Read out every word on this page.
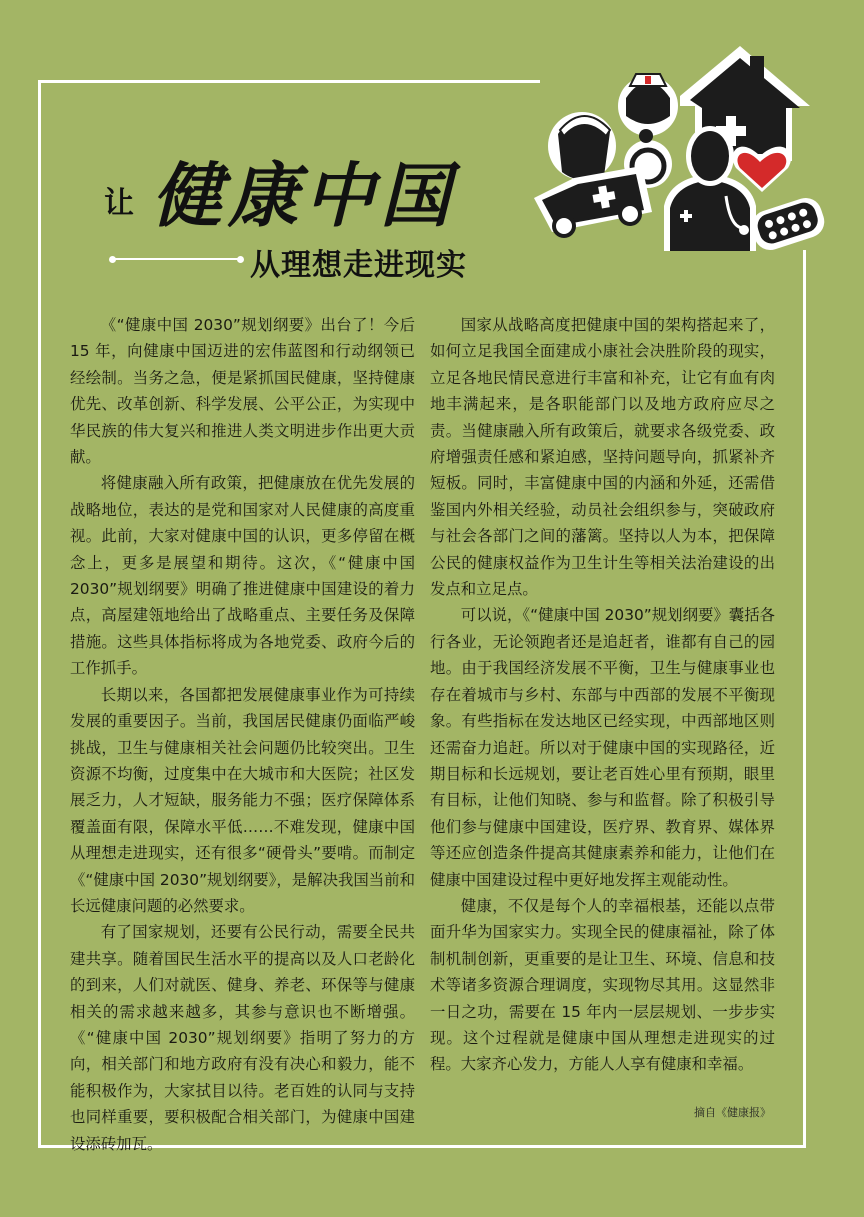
让 健康中国
从理想走进现实

《“健康中国 2030”规划纲要》出台了！今后 15 年，向健康中国迈进的宏伟蓝图和行动纲领已经绘制。当务之急，便是紧抓国民健康，坚持健康优先、改革创新、科学发展、公平公正，为实现中华民族的伟大复兴和推进人类文明进步作出更大贡献。

将健康融入所有政策，把健康放在优先发展的战略地位，表达的是党和国家对人民健康的高度重视。此前，大家对健康中国的认识，更多停留在概念上，更多是展望和期待。这次，《“健康中国 2030”规划纲要》明确了推进健康中国建设的着力点，高屋建瓴地给出了战略重点、主要任务及保障措施。这些具体指标将成为各地党委、政府今后的工作抓手。

长期以来，各国都把发展健康事业作为可持续发展的重要因子。当前，我国居民健康仍面临严峻挑战，卫生与健康相关社会问题仍比较突出。卫生资源不均衡，过度集中在大城市和大医院；社区发展乏力，人才短缺，服务能力不强；医疗保障体系覆盖面有限，保障水平低……不难发现，健康中国从理想走进现实，还有很多“硬骨头”要啃。而制定《“健康中国 2030”规划纲要》，是解决我国当前和长远健康问题的必然要求。

有了国家规划，还要有公民行动，需要全民共建共享。随着国民生活水平的提高以及人口老龄化的到来，人们对就医、健身、养老、环保等与健康相关的需求越来越多，其参与意识也不断增强。《“健康中国 2030”规划纲要》指明了努力的方向，相关部门和地方政府有没有决心和毅力，能不能积极作为，大家拭目以待。老百姓的认同与支持也同样重要，要积极配合相关部门，为健康中国建设添砖加瓦。

国家从战略高度把健康中国的架构搭起来了，如何立足我国全面建成小康社会决胜阶段的现实，立足各地民情民意进行丰富和补充，让它有血有肉地丰满起来，是各职能部门以及地方政府应尽之责。当健康融入所有政策后，就要求各级党委、政府增强责任感和紧迫感，坚持问题导向，抓紧补齐短板。同时，丰富健康中国的内涵和外延，还需借鉴国内外相关经验，动员社会组织参与，突破政府与社会各部门之间的藩篱。坚持以人为本，把保障公民的健康权益作为卫生计生等相关法治建设的出发点和立足点。

可以说，《“健康中国 2030”规划纲要》囊括各行各业，无论领跑者还是追赶者，谁都有自己的园地。由于我国经济发展不平衡，卫生与健康事业也存在着城市与乡村、东部与中西部的发展不平衡现象。有些指标在发达地区已经实现，中西部地区则还需奋力追赶。所以对于健康中国的实现路径，近期目标和长远规划，要让老百姓心里有预期，眼里有目标，让他们知晓、参与和监督。除了积极引导他们参与健康中国建设，医疗界、教育界、媒体界等还应创造条件提高其健康素养和能力，让他们在健康中国建设过程中更好地发挥主观能动性。

健康，不仅是每个人的幸福根基，还能以点带面升华为国家实力。实现全民的健康福祉，除了体制机制创新，更重要的是让卫生、环境、信息和技术等诸多资源合理调度，实现物尽其用。这显然非一日之功，需要在 15 年内一层层规划、一步步实现。这个过程就是健康中国从理想走进现实的过程。大家齐心发力，方能人人享有健康和幸福。

摘自《健康报》
